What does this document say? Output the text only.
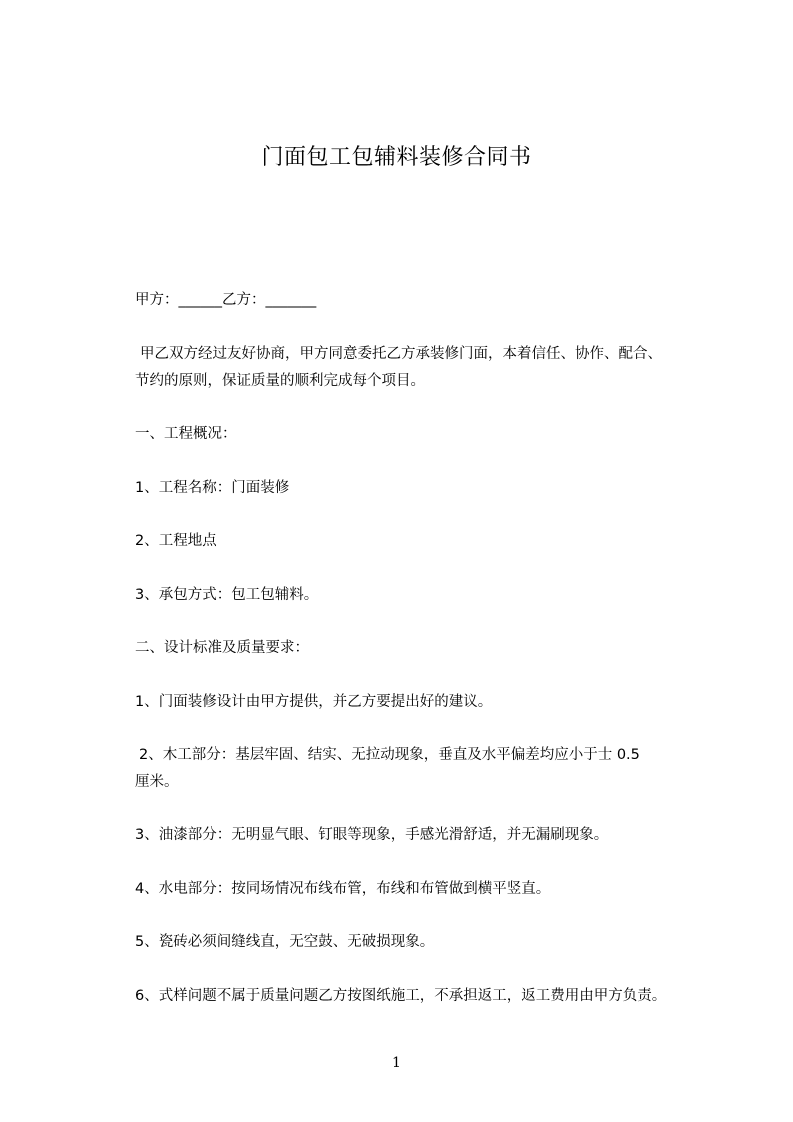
门面包工包辅料装修合同书

甲方：______乙方：_______

甲乙双方经过友好协商，甲方同意委托乙方承装修门面，本着信任、协作、配合、

节约的原则，保证质量的顺利完成每个项目。

一、工程概况：

1、工程名称：门面装修

2、工程地点

3、承包方式：包工包辅料。

二、设计标准及质量要求：

1、门面装修设计由甲方提供，并乙方要提出好的建议。

2、木工部分：基层牢固、结实、无拉动现象，垂直及水平偏差均应小于士 0.5

厘米。

3、油漆部分：无明显气眼、钉眼等现象，手感光滑舒适，并无漏刷现象。

4、水电部分：按同场情况布线布管，布线和布管做到横平竖直。

5、瓷砖必须间缝线直，无空鼓、无破损现象。

6、式样问题不属于质量问题乙方按图纸施工，不承担返工，返工费用由甲方负责。

1
